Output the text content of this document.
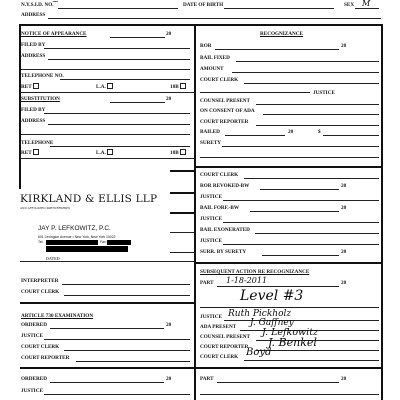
~
N.Y.S.I.D. NO.	DATE OF BIRTH	SEX M
ADDRESS
NOTICE OF APPEARANCE	20
FILED BY
ADDRESS
TELEPHONE NO.
RET	L.A.	18B
SUBSTITUTION	20
FILED BY
ADDRESS
TELEPHONE
RET	L.A.	18B
RECOGNIZANCE
ROR	20
BAIL FIXED
AMOUNT
COURT CLERK
JUSTICE
COUNSEL PRESENT
ON CONSENT OF ADA
COURT REPORTER
BAILED	20	$
SURETY
COURT CLERK
ROR REVOKED-BW	20
JUSTICE
BAIL FORF.-BW	20
JUSTICE
BAIL EXONERATED
JUSTICE
SURR. BY SURETY	20
KIRKLAND & ELLIS LLP
AND AFFILIATED PARTNERSHIPS
JAY P. LEFKOWITZ, P.C.
601 Lexington Avenue • New York, New York 10022
Tel:	Fax:
DATED
INTERPRETER
COURT CLERK
SUBSEQUENT ACTION RE RECOGNIZANCE
PART 1-18-2011	20
Level #3
JUSTICE Ruth Pickholz
ADA PRESENT J. Gaffney
COUNSEL PRESENT J. Lefkowitz
COURT REPORTER J. Benkel
COURT CLERK Boyd
ARTICLE 730 EXAMINATION
ORDERED	20
JUSTICE
COURT CLERK
COURT REPORTER
ORDERED	20
JUSTICE
PART	20
